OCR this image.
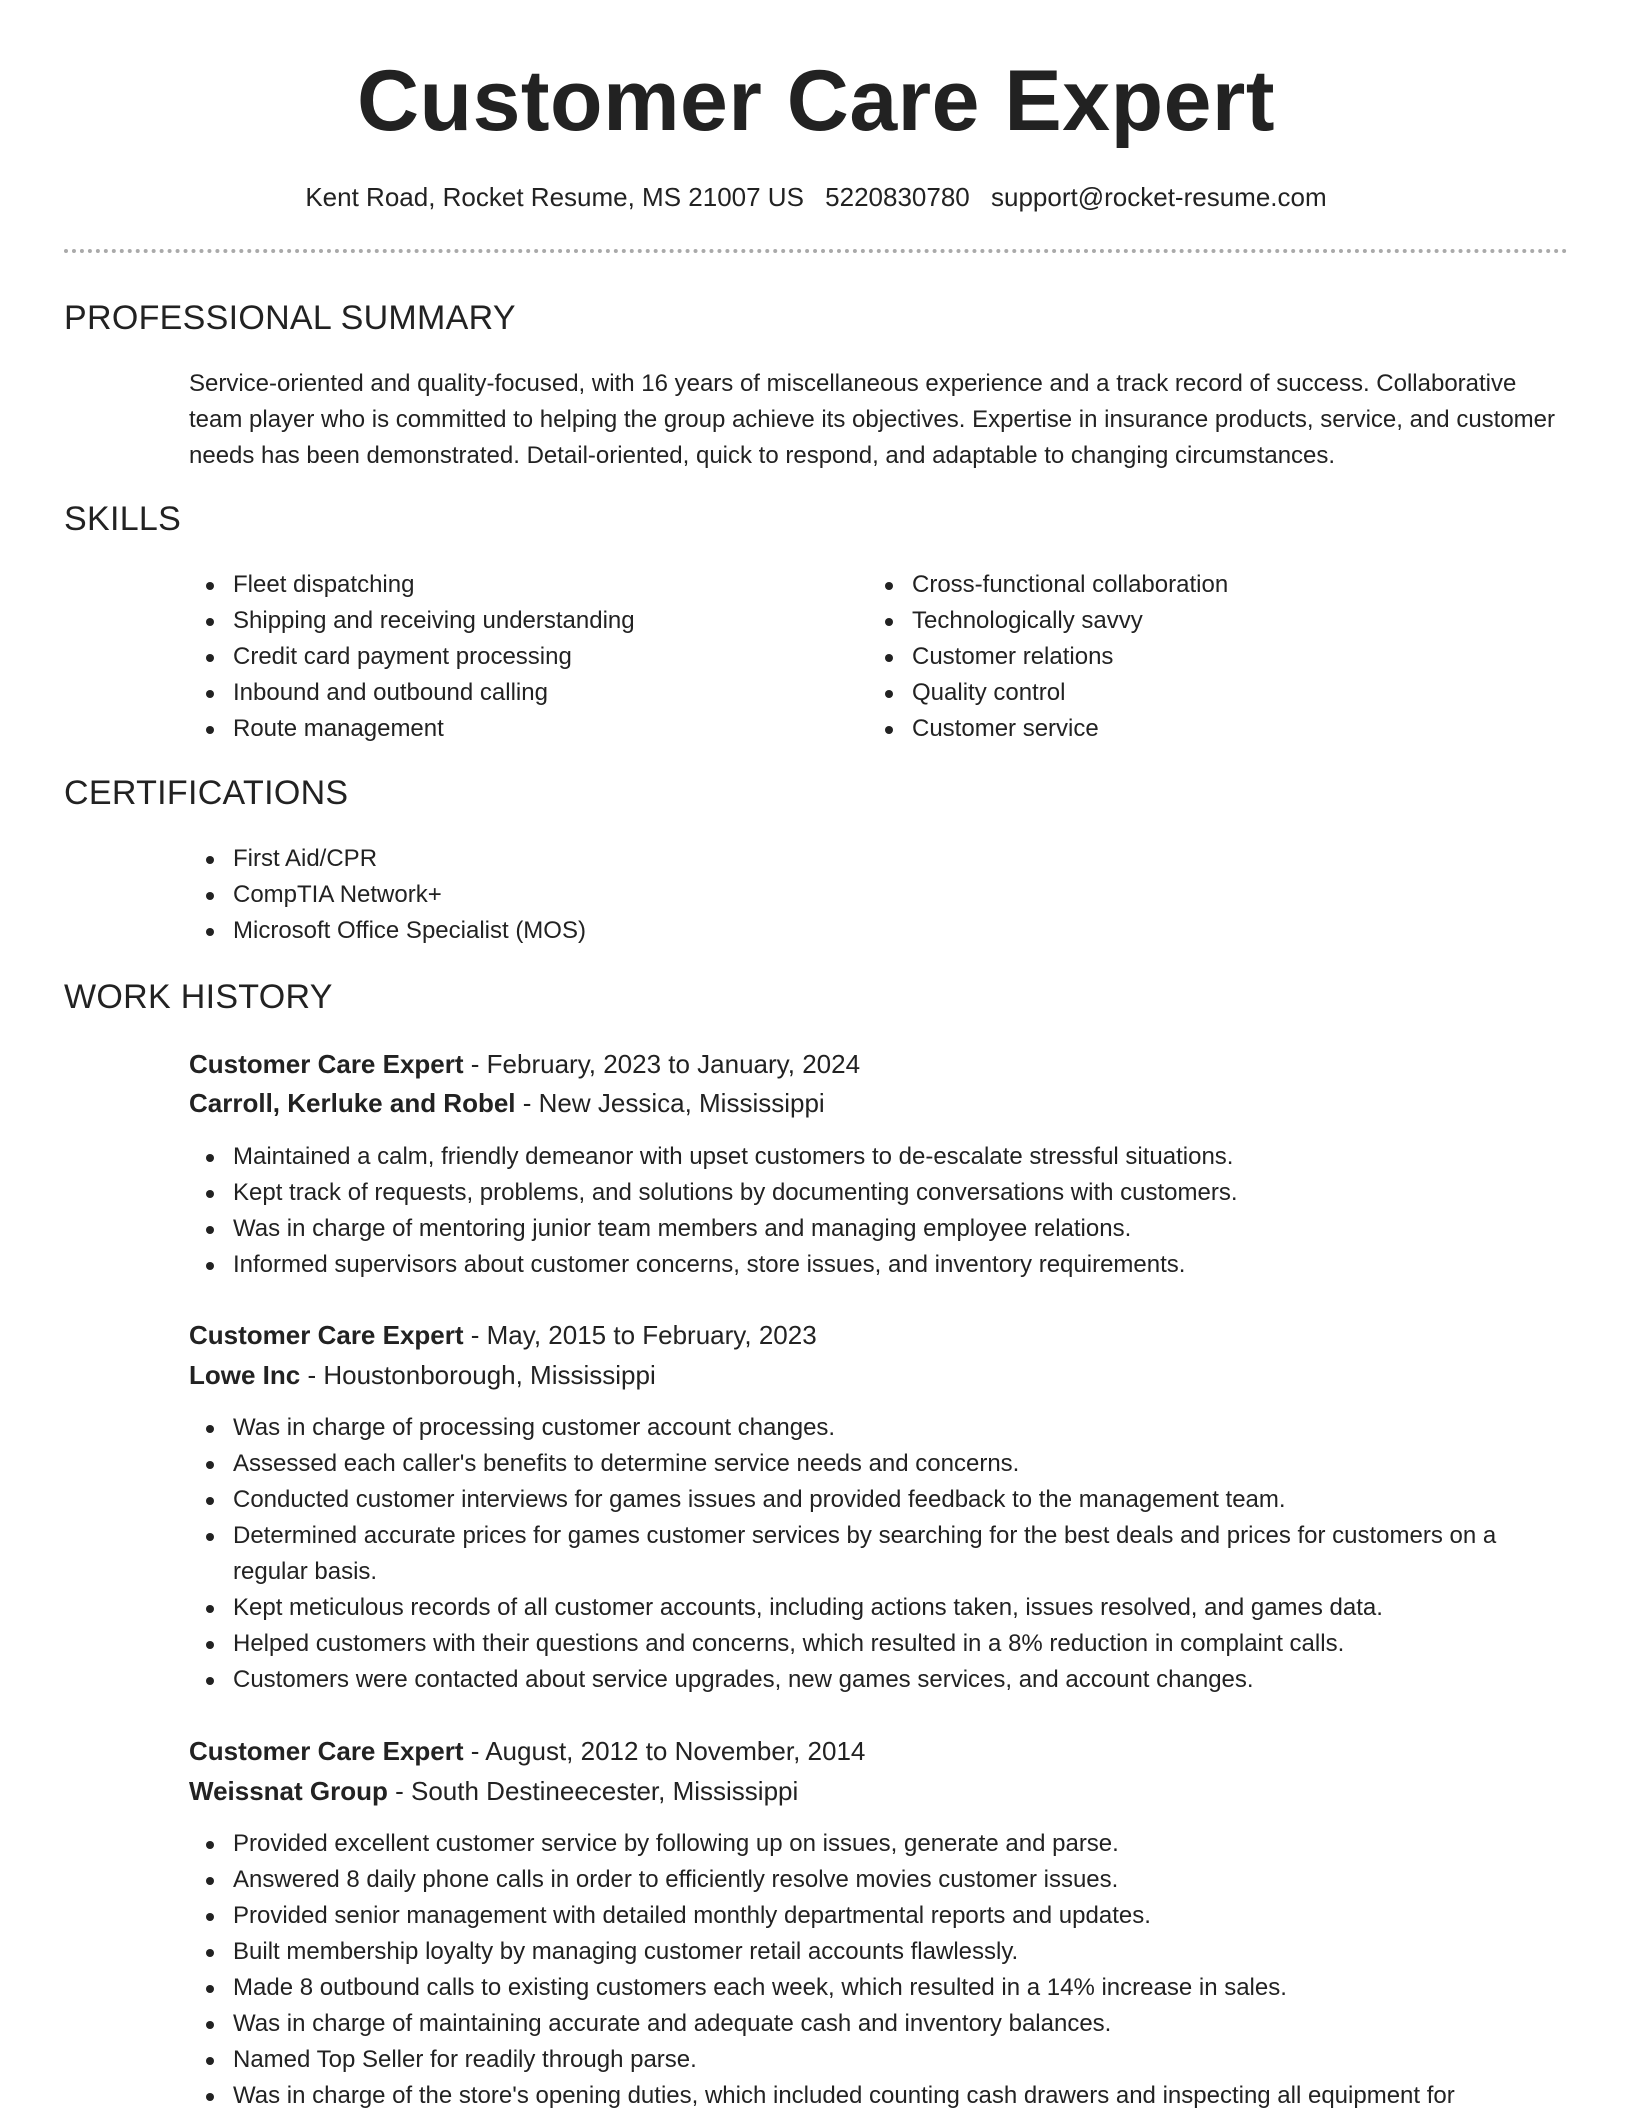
Customer Care Expert
Kent Road, Rocket Resume, MS 21007 US 5220830780 support@rocket-resume.com
PROFESSIONAL SUMMARY
Service-oriented and quality-focused, with 16 years of miscellaneous experience and a track record of success. Collaborative team player who is committed to helping the group achieve its objectives. Expertise in insurance products, service, and customer needs has been demonstrated. Detail-oriented, quick to respond, and adaptable to changing circumstances.
SKILLS
Fleet dispatching
Shipping and receiving understanding
Credit card payment processing
Inbound and outbound calling
Route management
Cross-functional collaboration
Technologically savvy
Customer relations
Quality control
Customer service
CERTIFICATIONS
First Aid/CPR
CompTIA Network+
Microsoft Office Specialist (MOS)
WORK HISTORY
Customer Care Expert - February, 2023 to January, 2024
Carroll, Kerluke and Robel - New Jessica, Mississippi
Maintained a calm, friendly demeanor with upset customers to de-escalate stressful situations.
Kept track of requests, problems, and solutions by documenting conversations with customers.
Was in charge of mentoring junior team members and managing employee relations.
Informed supervisors about customer concerns, store issues, and inventory requirements.
Customer Care Expert - May, 2015 to February, 2023
Lowe Inc - Houstonborough, Mississippi
Was in charge of processing customer account changes.
Assessed each caller's benefits to determine service needs and concerns.
Conducted customer interviews for games issues and provided feedback to the management team.
Determined accurate prices for games customer services by searching for the best deals and prices for customers on a regular basis.
Kept meticulous records of all customer accounts, including actions taken, issues resolved, and games data.
Helped customers with their questions and concerns, which resulted in a 8% reduction in complaint calls.
Customers were contacted about service upgrades, new games services, and account changes.
Customer Care Expert - August, 2012 to November, 2014
Weissnat Group - South Destineecester, Mississippi
Provided excellent customer service by following up on issues, generate and parse.
Answered 8 daily phone calls in order to efficiently resolve movies customer issues.
Provided senior management with detailed monthly departmental reports and updates.
Built membership loyalty by managing customer retail accounts flawlessly.
Made 8 outbound calls to existing customers each week, which resulted in a 14% increase in sales.
Was in charge of maintaining accurate and adequate cash and inventory balances.
Named Top Seller for readily through parse.
Was in charge of the store's opening duties, which included counting cash drawers and inspecting all equipment for
